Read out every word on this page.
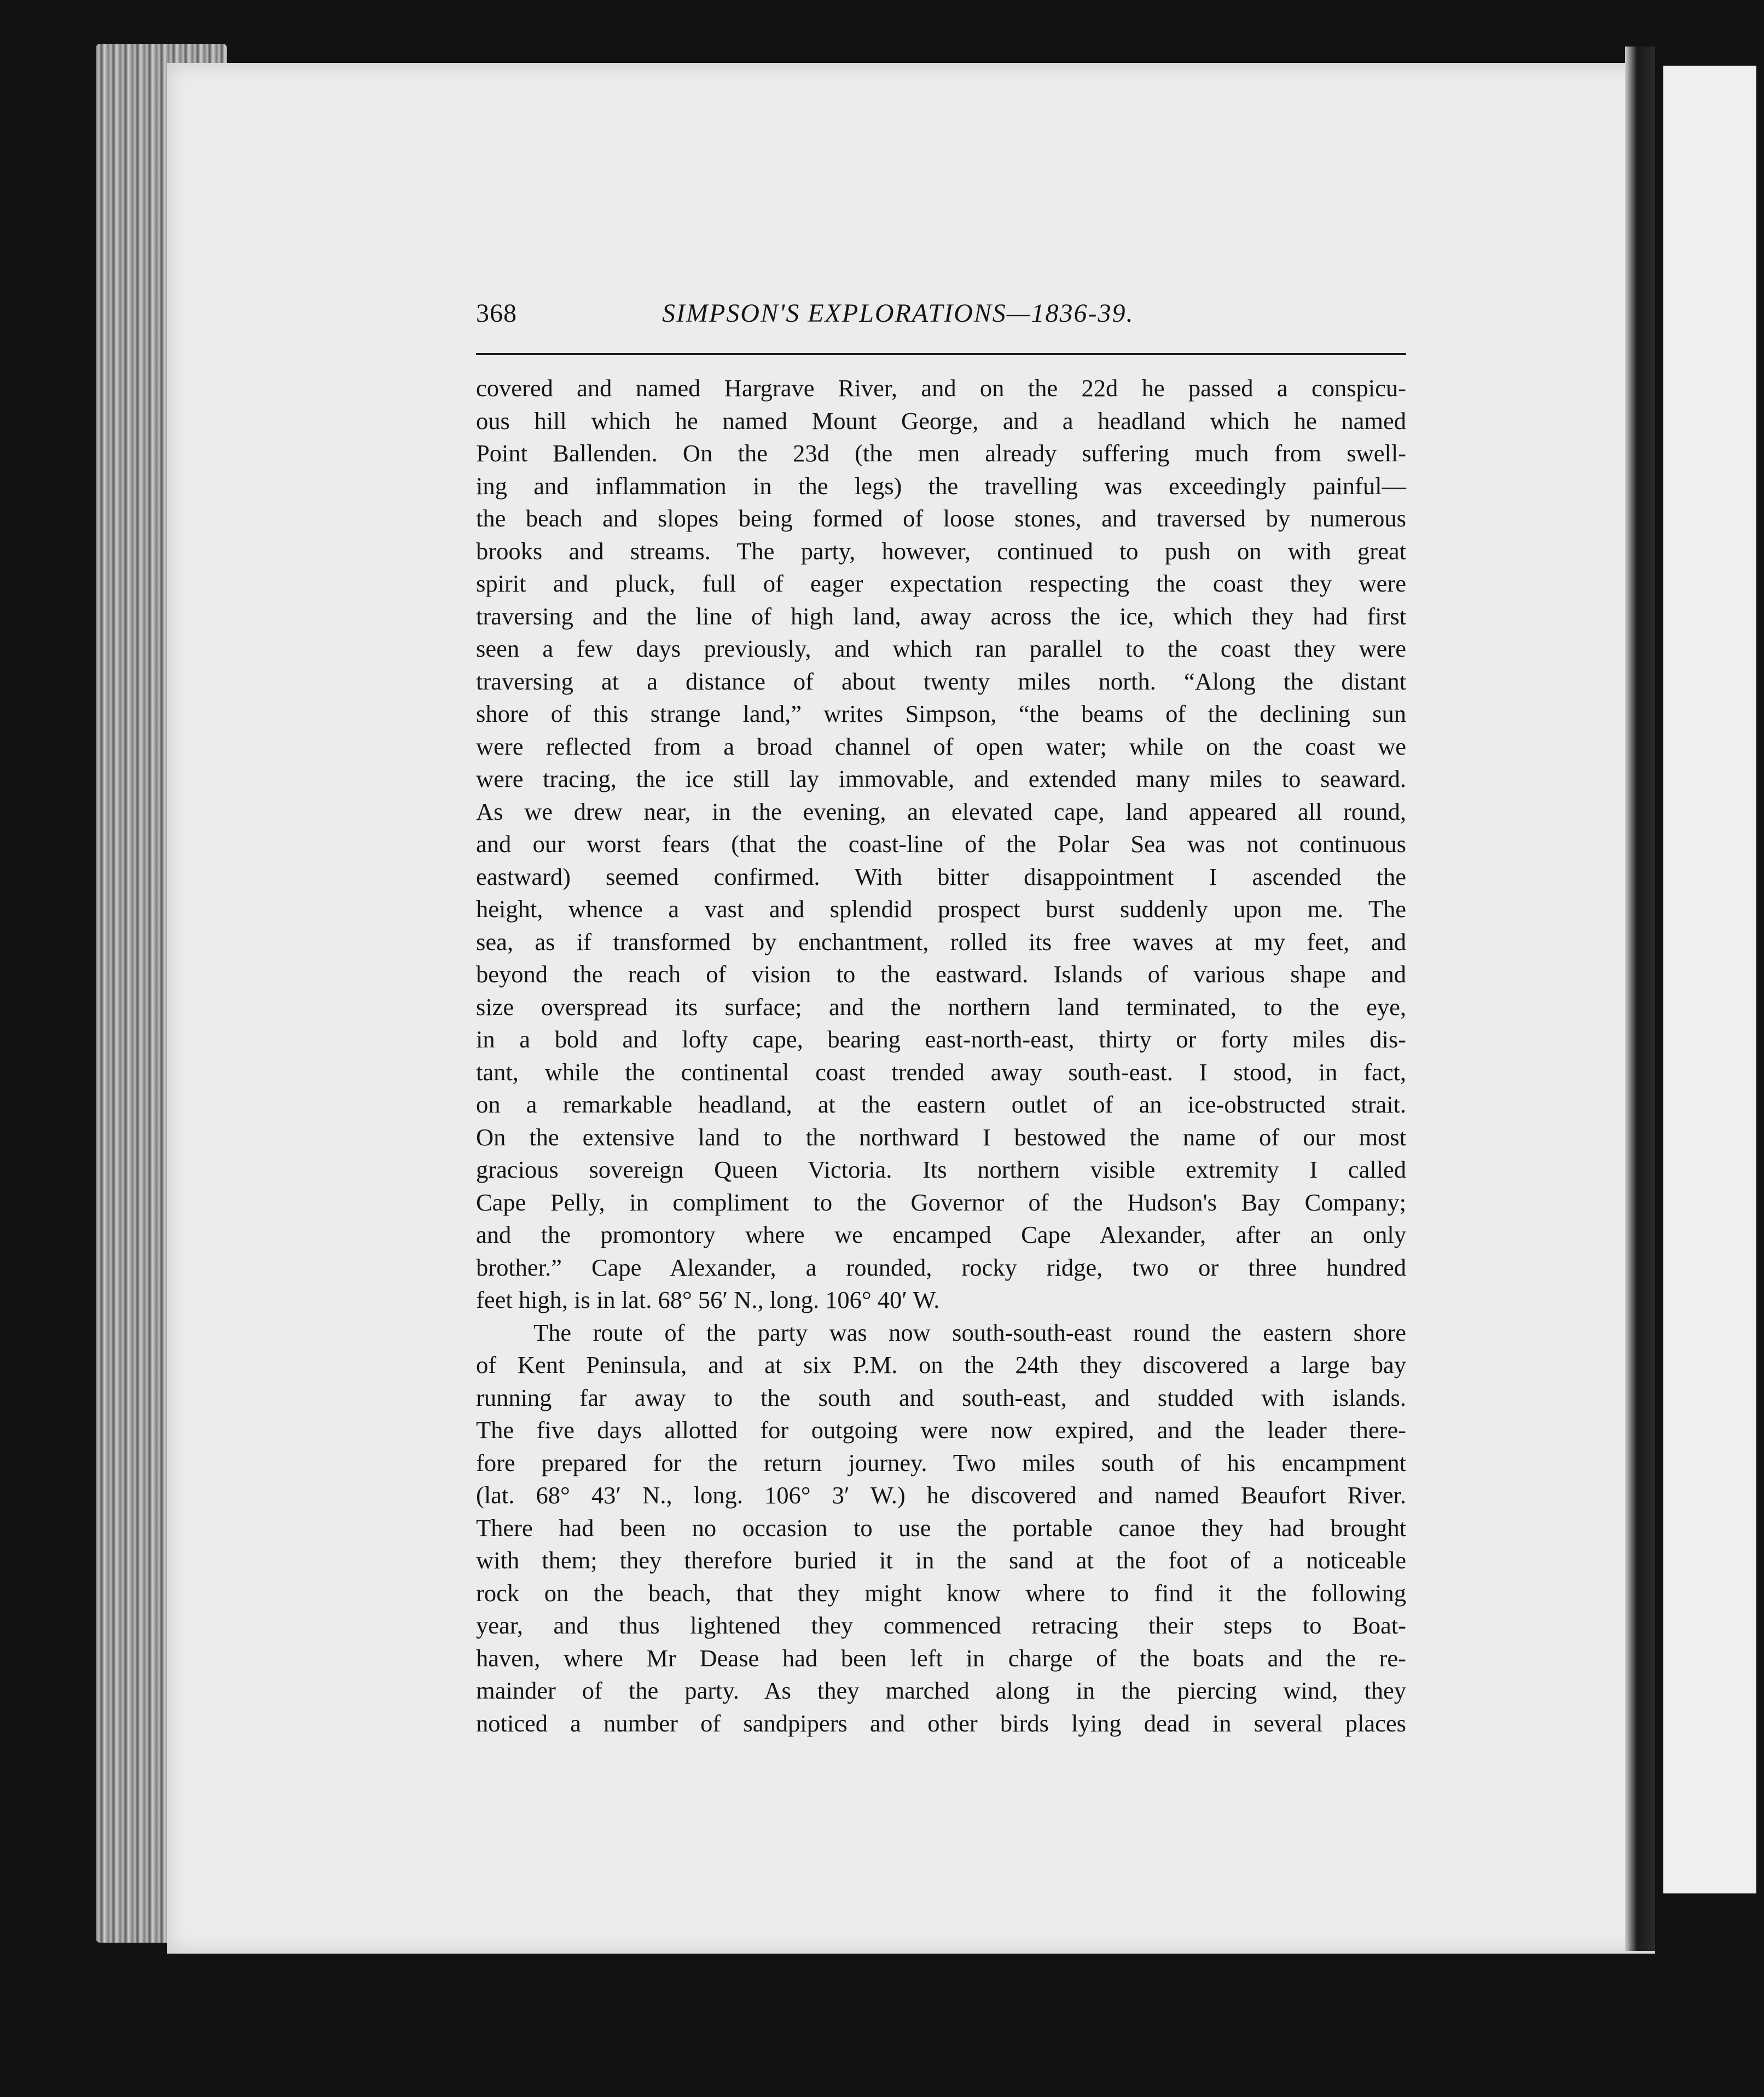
368	SIMPSON'S EXPLORATIONS—1836-39.
covered and named Hargrave River, and on the 22d he passed a conspicu-
ous hill which he named Mount George, and a headland which he named
Point Ballenden. On the 23d (the men already suffering much from swell-
ing and inflammation in the legs) the travelling was exceedingly painful—
the beach and slopes being formed of loose stones, and traversed by numerous
brooks and streams. The party, however, continued to push on with great
spirit and pluck, full of eager expectation respecting the coast they were
traversing and the line of high land, away across the ice, which they had first
seen a few days previously, and which ran parallel to the coast they were
traversing at a distance of about twenty miles north. “Along the distant
shore of this strange land,” writes Simpson, “the beams of the declining sun
were reflected from a broad channel of open water; while on the coast we
were tracing, the ice still lay immovable, and extended many miles to seaward.
As we drew near, in the evening, an elevated cape, land appeared all round,
and our worst fears (that the coast-line of the Polar Sea was not continuous
eastward) seemed confirmed. With bitter disappointment I ascended the
height, whence a vast and splendid prospect burst suddenly upon me. The
sea, as if transformed by enchantment, rolled its free waves at my feet, and
beyond the reach of vision to the eastward. Islands of various shape and
size overspread its surface; and the northern land terminated, to the eye,
in a bold and lofty cape, bearing east-north-east, thirty or forty miles dis-
tant, while the continental coast trended away south-east. I stood, in fact,
on a remarkable headland, at the eastern outlet of an ice-obstructed strait.
On the extensive land to the northward I bestowed the name of our most
gracious sovereign Queen Victoria. Its northern visible extremity I called
Cape Pelly, in compliment to the Governor of the Hudson's Bay Company;
and the promontory where we encamped Cape Alexander, after an only
brother.” Cape Alexander, a rounded, rocky ridge, two or three hundred
feet high, is in lat. 68° 56′ N., long. 106° 40′ W.
The route of the party was now south-south-east round the eastern shore
of Kent Peninsula, and at six P.M. on the 24th they discovered a large bay
running far away to the south and south-east, and studded with islands.
The five days allotted for outgoing were now expired, and the leader there-
fore prepared for the return journey. Two miles south of his encampment
(lat. 68° 43′ N., long. 106° 3′ W.) he discovered and named Beaufort River.
There had been no occasion to use the portable canoe they had brought
with them; they therefore buried it in the sand at the foot of a noticeable
rock on the beach, that they might know where to find it the following
year, and thus lightened they commenced retracing their steps to Boat-
haven, where Mr Dease had been left in charge of the boats and the re-
mainder of the party. As they marched along in the piercing wind, they
noticed a number of sandpipers and other birds lying dead in several places
